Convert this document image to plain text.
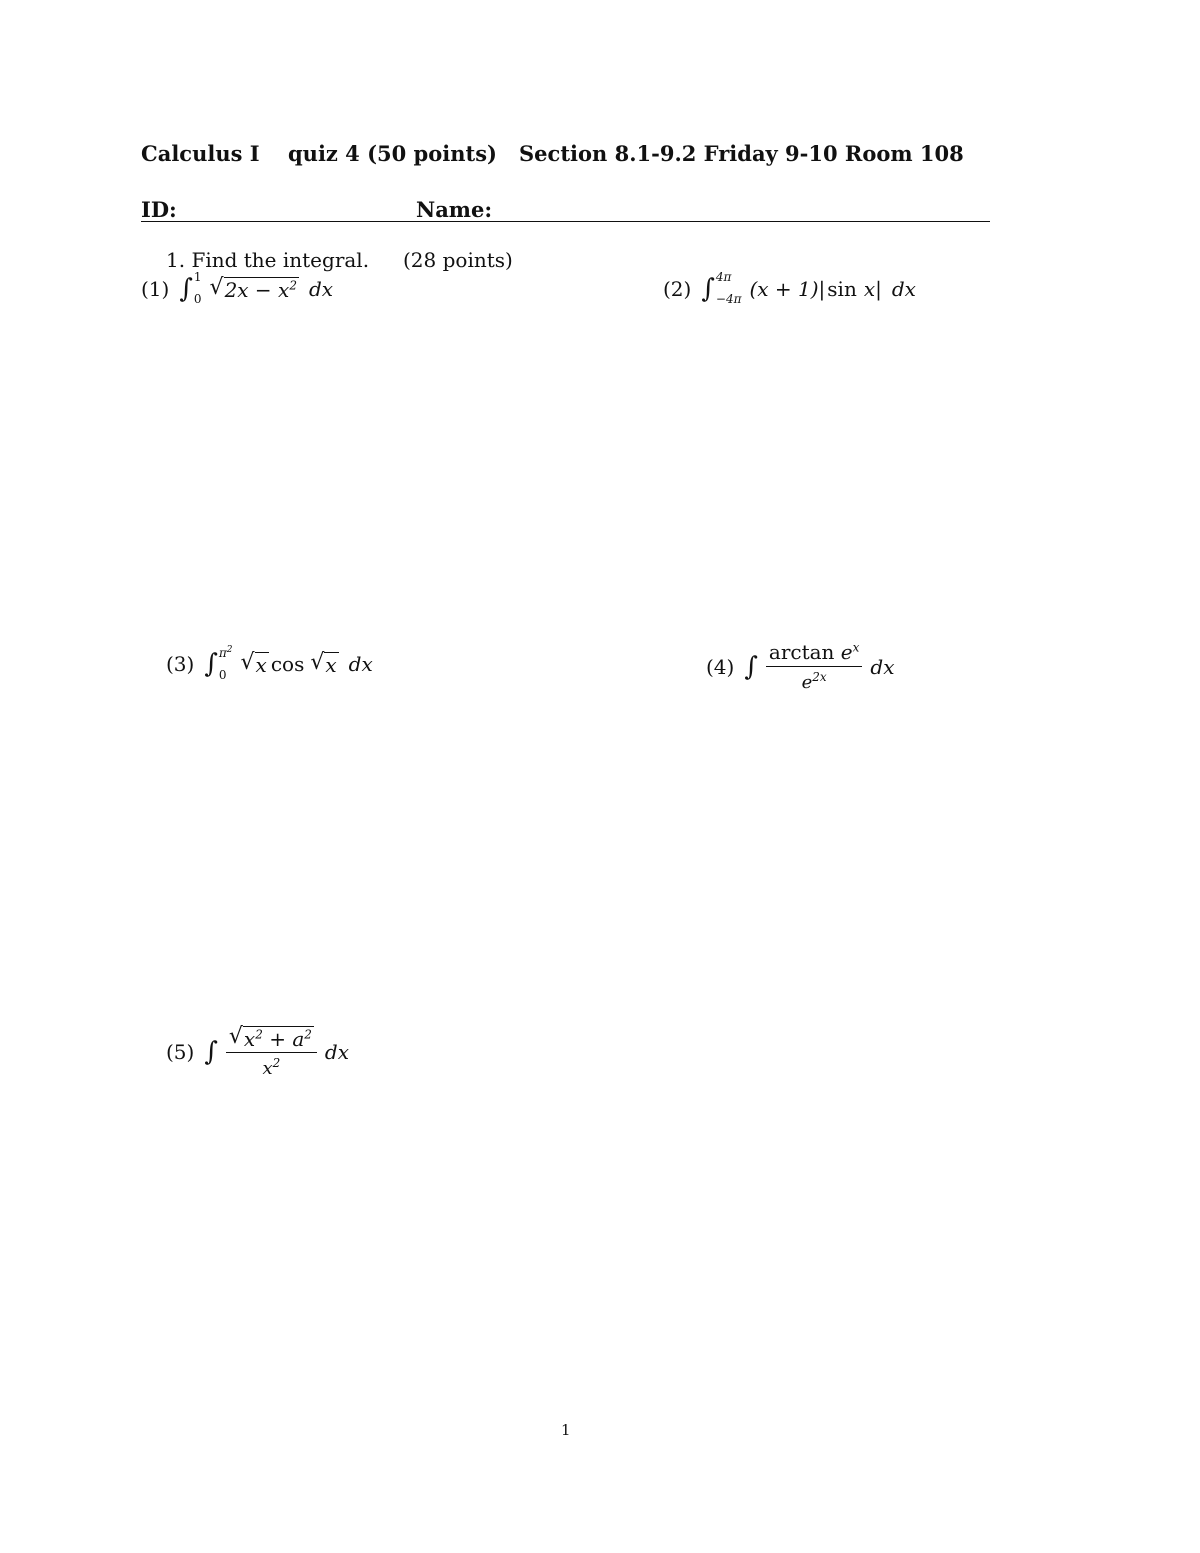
Calculus I quiz 4 (50 points) Section 8.1-9.2 Friday 9-10 Room 108
ID:	Name:
1. Find the integral. (28 points)
(1) ∫ 1
0 √ $2x - x^2$ dx	(2) ∫ 4π
−4π (x + 1)| sin x| dx
(3) ∫ $\pi^2$
0 √ x cos √ x dx	(4) ∫ $\frac{\arctan e^x}{e^{2x}}$ dx
(5) ∫ $\frac{√ x^2 + a^2}{x^2}$ dx
1
